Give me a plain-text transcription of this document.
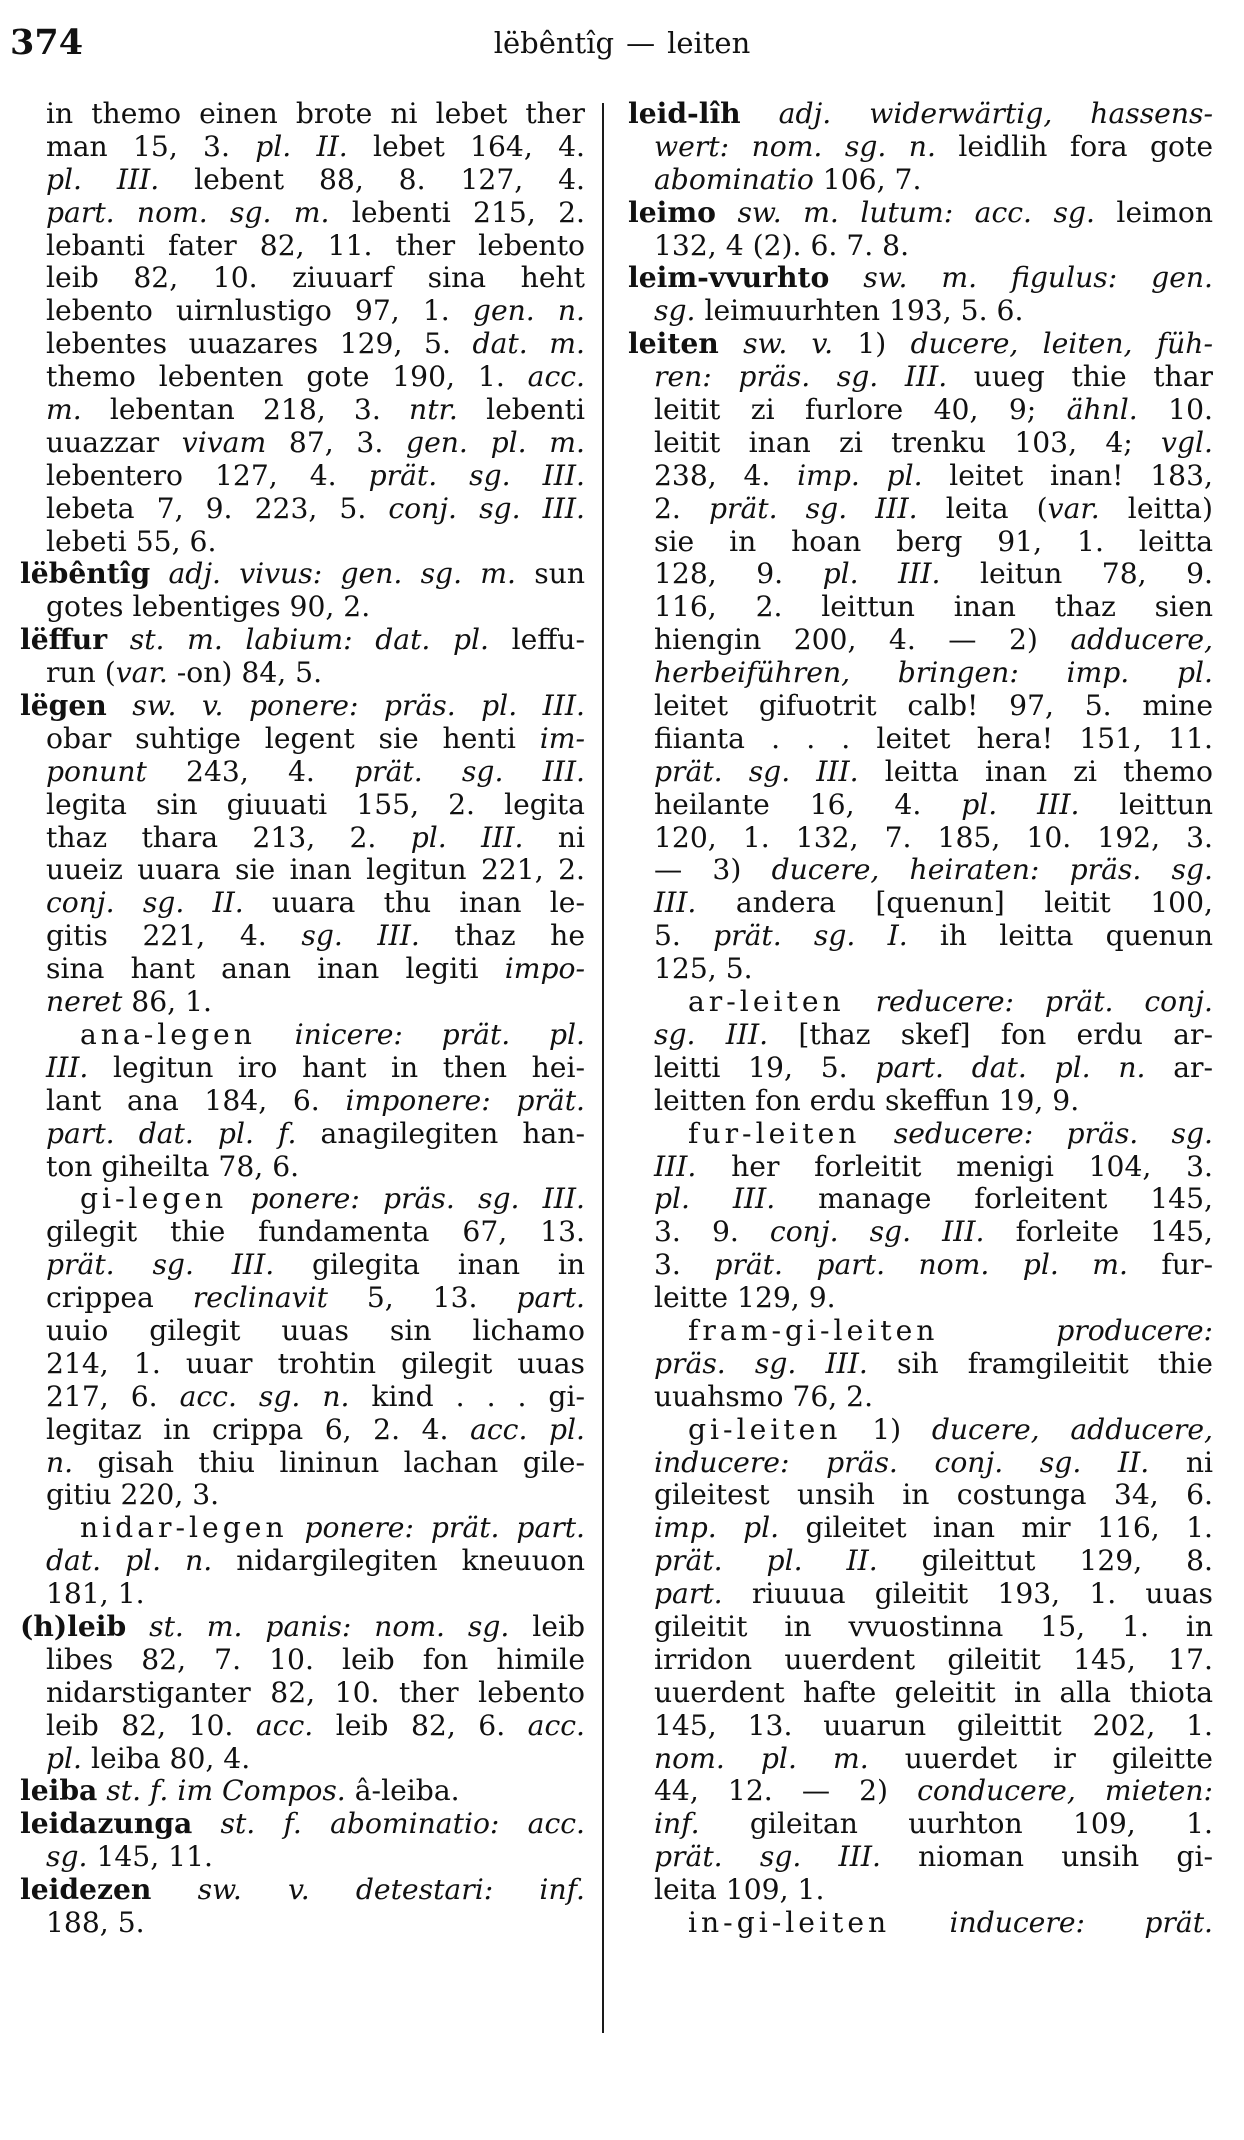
374	lëbêntîg — leiten
in themo einen brote ni lebet ther
man 15, 3. pl. II. lebet 164, 4.
pl. III. lebent 88, 8. 127, 4.
part. nom. sg. m. lebenti 215, 2.
lebanti fater 82, 11. ther lebento
leib 82, 10. ziuuarf sina heht
lebento uirnlustigo 97, 1. gen. n.
lebentes uuazares 129, 5. dat. m.
themo lebenten gote 190, 1. acc.
m. lebentan 218, 3. ntr. lebenti
uuazzar vivam 87, 3. gen. pl. m.
lebentero 127, 4. prät. sg. III.
lebeta 7, 9. 223, 5. conj. sg. III.
lebeti 55, 6.
lëbêntîg adj. vivus: gen. sg. m. sun
gotes lebentiges 90, 2.
lëffur st. m. labium: dat. pl. leffu-
run (var. -on) 84, 5.
lëgen sw. v. ponere: präs. pl. III.
obar suhtige legent sie henti im-
ponunt 243, 4. prät. sg. III.
legita sin giuuati 155, 2. legita
thaz thara 213, 2. pl. III. ni
uueiz uuara sie inan legitun 221, 2.
conj. sg. II. uuara thu inan le-
gitis 221, 4. sg. III. thaz he
sina hant anan inan legiti impo-
neret 86, 1.
ana-legen inicere: prät. pl.
III. legitun iro hant in then hei-
lant ana 184, 6. imponere: prät.
part. dat. pl. f. anagilegiten han-
ton giheilta 78, 6.
gi-legen ponere: präs. sg. III.
gilegit thie fundamenta 67, 13.
prät. sg. III. gilegita inan in
crippea reclinavit 5, 13. part.
uuio gilegit uuas sin lichamo
214, 1. uuar trohtin gilegit uuas
217, 6. acc. sg. n. kind . . . gi-
legitaz in crippa 6, 2. 4. acc. pl.
n. gisah thiu lininun lachan gile-
gitiu 220, 3.
nidar-legen ponere: prät. part.
dat. pl. n. nidargilegiten kneuuon
181, 1.
(h)leib st. m. panis: nom. sg. leib
libes 82, 7. 10. leib fon himile
nidarstiganter 82, 10. ther lebento
leib 82, 10. acc. leib 82, 6. acc.
pl. leiba 80, 4.
leiba st. f. im Compos. â-leiba.
leidazunga st. f. abominatio: acc.
sg. 145, 11.
leidezen sw. v. detestari: inf.
188, 5.
leid-lîh adj. widerwärtig, hassens-
wert: nom. sg. n. leidlih fora gote
abominatio 106, 7.
leimo sw. m. lutum: acc. sg. leimon
132, 4 (2). 6. 7. 8.
leim-vvurhto sw. m. figulus: gen.
sg. leimuurhten 193, 5. 6.
leiten sw. v. 1) ducere, leiten, füh-
ren: präs. sg. III. uueg thie thar
leitit zi furlore 40, 9; ähnl. 10.
leitit inan zi trenku 103, 4; vgl.
238, 4. imp. pl. leitet inan! 183,
2. prät. sg. III. leita (var. leitta)
sie in hoan berg 91, 1. leitta
128, 9. pl. III. leitun 78, 9.
116, 2. leittun inan thaz sien
hiengin 200, 4. — 2) adducere,
herbeiführen, bringen: imp. pl.
leitet gifuotrit calb! 97, 5. mine
fiianta . . . leitet hera! 151, 11.
prät. sg. III. leitta inan zi themo
heilante 16, 4. pl. III. leittun
120, 1. 132, 7. 185, 10. 192, 3.
— 3) ducere, heiraten: präs. sg.
III. andera [quenun] leitit 100,
5. prät. sg. I. ih leitta quenun
125, 5.
ar-leiten reducere: prät. conj.
sg. III. [thaz skef] fon erdu ar-
leitti 19, 5. part. dat. pl. n. ar-
leitten fon erdu skeffun 19, 9.
fur-leiten seducere: präs. sg.
III. her forleitit menigi 104, 3.
pl. III. manage forleitent 145,
3. 9. conj. sg. III. forleite 145,
3. prät. part. nom. pl. m. fur-
leitte 129, 9.
fram-gi-leiten	producere:
präs. sg. III. sih framgileitit thie
uuahsmo 76, 2.
gi-leiten 1) ducere, adducere,
inducere: präs. conj. sg. II. ni
gileitest unsih in costunga 34, 6.
imp. pl. gileitet inan mir 116, 1.
prät. pl. II. gileittut 129, 8.
part. riuuua gileitit 193, 1. uuas
gileitit in vvuostinna 15, 1. in
irridon uuerdent gileitit 145, 17.
uuerdent hafte geleitit in alla thiota
145, 13. uuarun gileittit 202, 1.
nom. pl. m. uuerdet ir gileitte
44, 12. — 2) conducere, mieten:
inf. gileitan uurhton 109, 1.
prät. sg. III. nioman unsih gi-
leita 109, 1.
in-gi-leiten inducere: prät.
